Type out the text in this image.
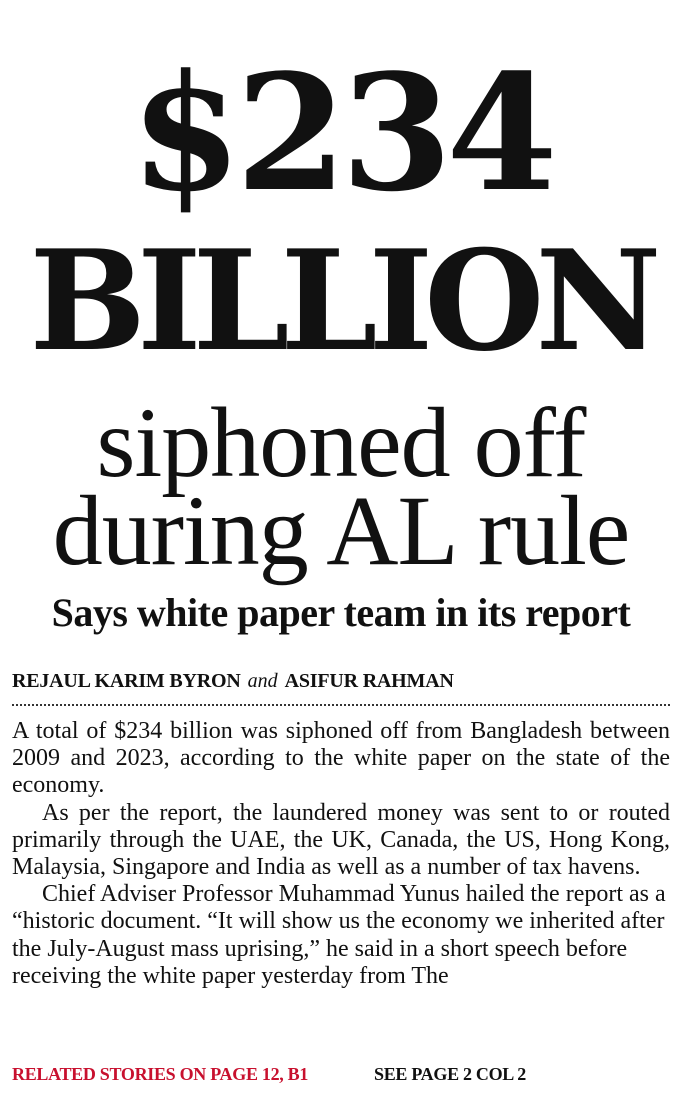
$234
BILLION
siphoned off
during AL rule
Says white paper team in its report
REJAUL KARIM BYRON and ASIFUR RAHMAN

A total of $234 billion was siphoned off from Bangladesh between 2009 and 2023, according to the white paper on the state of the economy.

As per the report, the laundered money was sent to or routed primarily through the UAE, the UK, Canada, the US, Hong Kong, Malaysia, Singapore and India as well as a number of tax havens.

Chief Adviser Professor Muhammad Yunus hailed the report as a “historic document. “It will show us the economy we inherited after the July-August mass uprising,” he said in a short speech before receiving the white paper yesterday from The

RELATED STORIES ON PAGE 12, B1	SEE PAGE 2 COL 2
